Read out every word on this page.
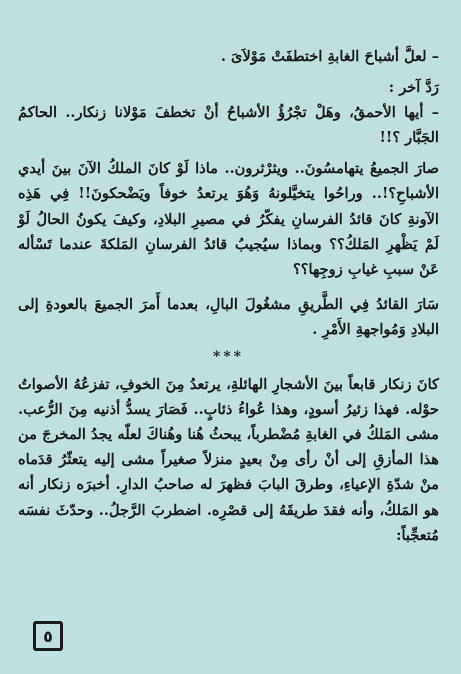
– لعلَّ أشباحَ الغابةِ اختطفَتْ مَوْلاَىَ .

رَدَّ آخر :

– أيها الأحمقُ، وهَلْ تجْرُؤُ الأشباحُ أنْ تخطفَ مَوْلانا زنكار.. الحاكمُ الجَبَّار ؟!!

صارَ الجميعُ يتهامسُونَ.. ويثرْثرون.. ماذا لَوْ كانَ الملكُ الآنَ بينَ أيدي الأشباحِ؟!.. وراحُوا يتخيَّلونهُ وَهُوَ يرتعدُ خوفاً ويَضْحكونَ!! فِي هَذِه الآونةِ كانَ قائدُ الفرسانِ يفكّرُ في مصيرِ البلادِ، وكيفَ يكونُ الحالُ لَوْ لَمْ يَظْهرِ المَلكُ؟؟ وبماذا سيُجيبُ قائدُ الفرسانِ المَلكةَ عندما تَسْأله عَنْ سببِ غيابِ زوجِها؟؟

سَارَ القائدُ فِي الطَّريقِ مشغُولَ البالِ، بعدما أَمرَ الجميعَ بالعودةِ إلى البلادِ وَمُواجهةِ الأَمْرِ .

***

كانَ زنكار قابعاً بينَ الأشجارِ الهائلةِ، يرتعدُ مِنَ الخوفِ، تفزعُهُ الأصواتُ حوْله. فهذا زئيرُ أسودٍ، وهذا عُواءُ ذئابٍ.. فَصَارَ يسدُّ أذنيه مِنَ الرُّعب. مشى المَلكُ في الغابةِ مُضْطرباً، يبحثُ هُنا وهُناكَ لعلّه يجدُ المخرجَ من هذا المأزقِ إلى أنْ رأى مِنْ بعيدٍ منزلاً صغيراً مشى إليه يتعثّرُ قدَماه منْ شدّةِ الإعياءِ، وطرقَ البابَ فظهرَ له صاحبُ الدارِ. أخبرَه زنكار أنه هو المَلكُ، وأنه فقدَ طريقَهُ إلى قصْرِه. اضطربَ الرَّجلُ.. وحدّثَ نفسَه مُتعجِّباً:

٥
